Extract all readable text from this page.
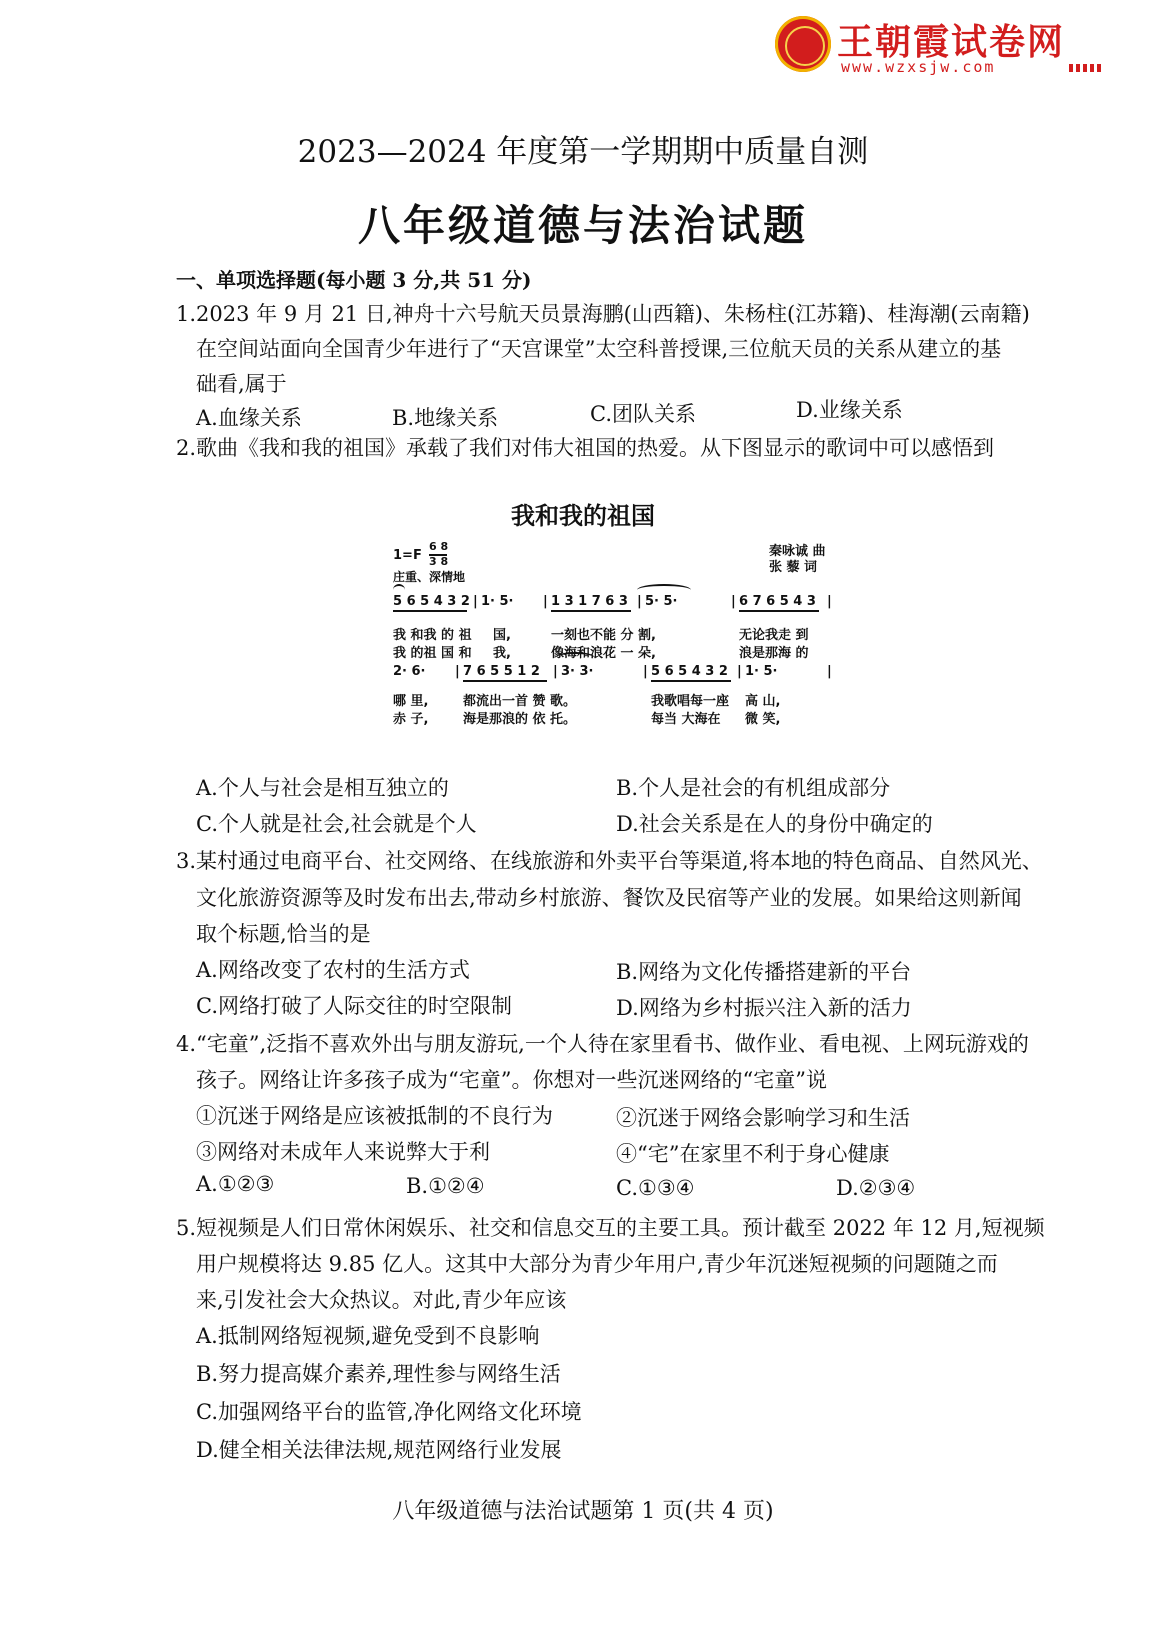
王朝霞试卷网
www.wzxsjw.com
2023—2024 年度第一学期期中质量自测
八年级道德与法治试题
一、单项选择题(每小题 3 分,共 51 分)
1.2023 年 9 月 21 日,神舟十六号航天员景海鹏(山西籍)、朱杨柱(江苏籍)、桂海潮(云南籍)
在空间站面向全国青少年进行了“天宫课堂”太空科普授课,三位航天员的关系从建立的基
础看,属于
A.血缘关系	B.地缘关系	C.团队关系	D.业缘关系
2.歌曲《我和我的祖国》承载了我们对伟大祖国的热爱。从下图显示的歌词中可以感悟到
我和我的祖国
1=F
6 8
3 8
庄重、深情地
秦咏诚 曲
张 藜 词
5 6 5 4 3 2 | 1· 5· | 1 3 1 7 6 3 | 5· 5·	| 6 7 6 5 4 3 |
我 和我 的 祖 国,	一刻也不能 分 割,	无论我走 到
我 的祖 国 和 我,	像海和浪花 一 朵,	浪是那海 的
2· 6· | 7 6 5 5 1 2 | 3· 3·	| 5 6 5 4 3 2 | 1· 5·	|
哪 里,	都流出一首 赞 歌。	我歌唱每一座 高 山,
赤 子,	海是那浪的 依 托。	每当 大海在 微 笑,
A.个人与社会是相互独立的	B.个人是社会的有机组成部分
C.个人就是社会,社会就是个人	D.社会关系是在人的身份中确定的
3.某村通过电商平台、社交网络、在线旅游和外卖平台等渠道,将本地的特色商品、自然风光、
文化旅游资源等及时发布出去,带动乡村旅游、餐饮及民宿等产业的发展。如果给这则新闻
取个标题,恰当的是
A.网络改变了农村的生活方式	B.网络为文化传播搭建新的平台
C.网络打破了人际交往的时空限制	D.网络为乡村振兴注入新的活力
4.“宅童”,泛指不喜欢外出与朋友游玩,一个人待在家里看书、做作业、看电视、上网玩游戏的
孩子。网络让许多孩子成为“宅童”。你想对一些沉迷网络的“宅童”说
①沉迷于网络是应该被抵制的不良行为	②沉迷于网络会影响学习和生活
③网络对未成年人来说弊大于利	④“宅”在家里不利于身心健康
A.①②③	B.①②④	C.①③④	D.②③④
5.短视频是人们日常休闲娱乐、社交和信息交互的主要工具。预计截至 2022 年 12 月,短视频
用户规模将达 9.85 亿人。这其中大部分为青少年用户,青少年沉迷短视频的问题随之而
来,引发社会大众热议。对此,青少年应该
A.抵制网络短视频,避免受到不良影响
B.努力提高媒介素养,理性参与网络生活
C.加强网络平台的监管,净化网络文化环境
D.健全相关法律法规,规范网络行业发展
八年级道德与法治试题第 1 页(共 4 页)
